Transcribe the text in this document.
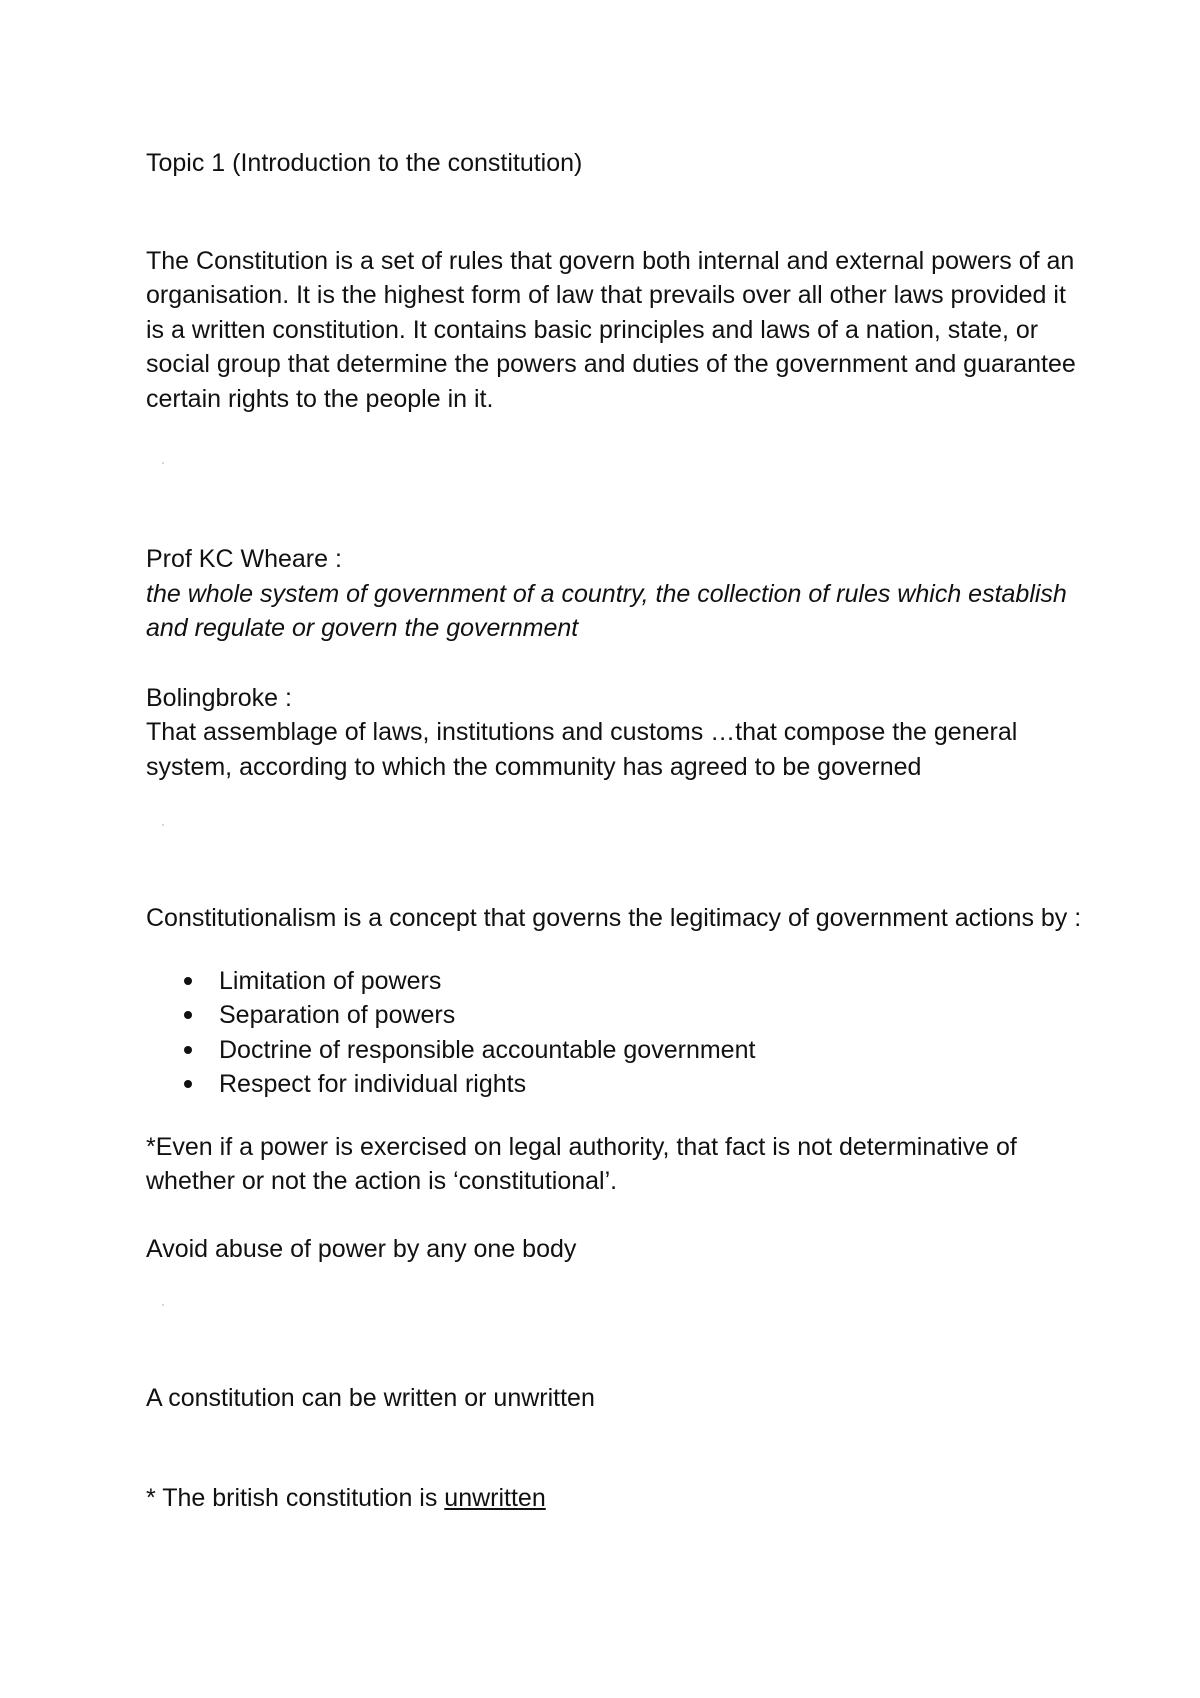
Topic 1 (Introduction to the constitution)

The Constitution is a set of rules that govern both internal and external powers of an organisation. It is the highest form of law that prevails over all other laws provided it is a written constitution. It contains basic principles and laws of a nation, state, or social group that determine the powers and duties of the government and guarantee certain rights to the people in it.

Prof KC Wheare :

the whole system of government of a country, the collection of rules which establish and regulate or govern the government

Bolingbroke :

That assemblage of laws, institutions and customs …that compose the general system, according to which the community has agreed to be governed

Constitutionalism is a concept that governs the legitimacy of government actions by :

Limitation of powers
Separation of powers
Doctrine of responsible accountable government
Respect for individual rights

*Even if a power is exercised on legal authority, that fact is not determinative of whether or not the action is ‘constitutional’.

Avoid abuse of power by any one body

A constitution can be written or unwritten

* The british constitution is unwritten
